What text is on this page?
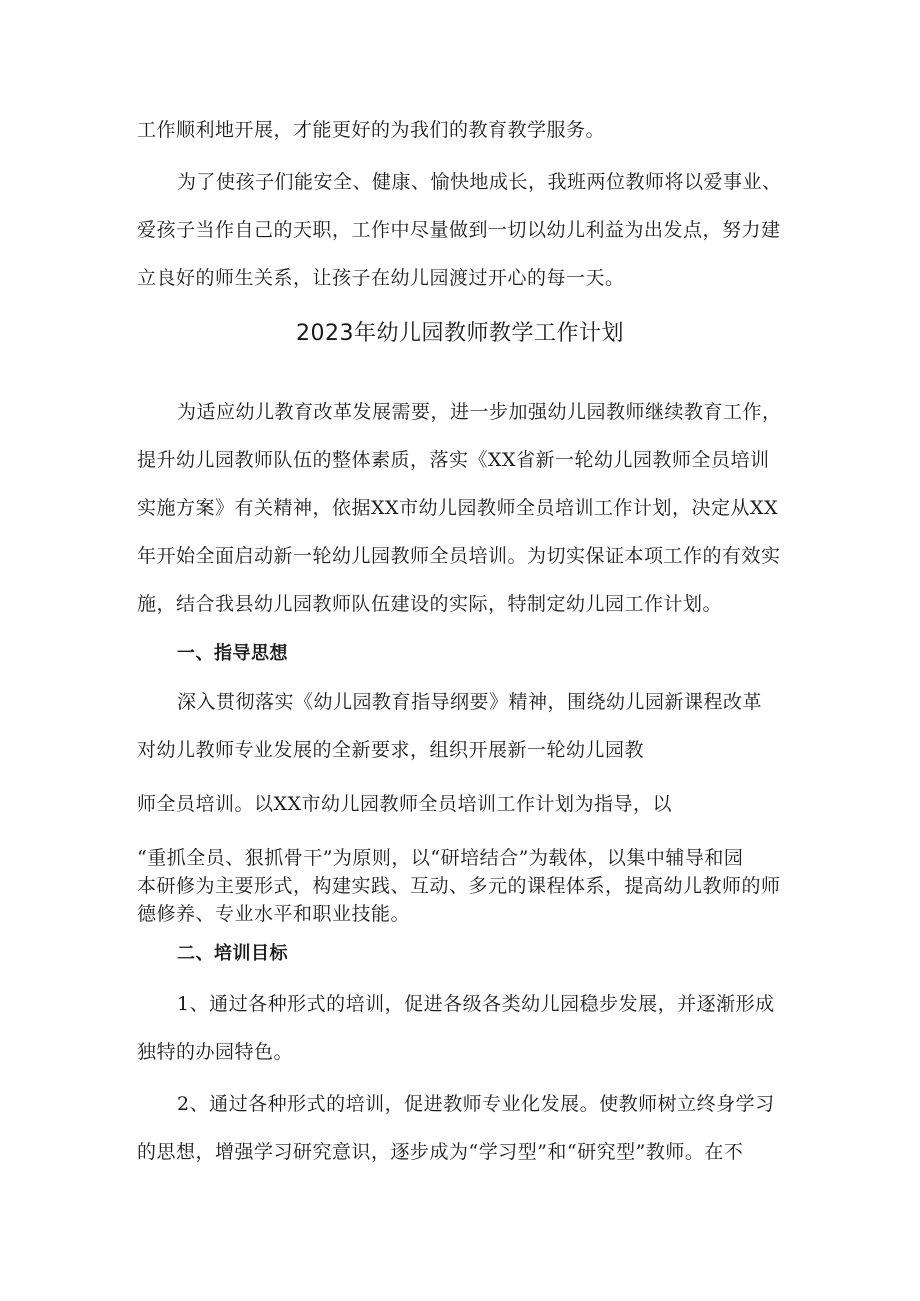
工作顺利地开展，才能更好的为我们的教育教学服务。
为了使孩子们能安全、健康、愉快地成长，我班两位教师将以爱事业、
爱孩子当作自己的天职，工作中尽量做到一切以幼儿利益为出发点，努力建
立良好的师生关系，让孩子在幼儿园渡过开心的每一天。
2023年幼儿园教师教学工作计划
为适应幼儿教育改革发展需要，进一步加强幼儿园教师继续教育工作，
提升幼儿园教师队伍的整体素质，落实《XX省新一轮幼儿园教师全员培训
实施方案》有关精神，依据XX市幼儿园教师全员培训工作计划，决定从XX
年开始全面启动新一轮幼儿园教师全员培训。为切实保证本项工作的有效实
施，结合我县幼儿园教师队伍建设的实际，特制定幼儿园工作计划。
一、指导思想
深入贯彻落实《幼儿园教育指导纲要》精神，围绕幼儿园新课程改革
对幼儿教师专业发展的全新要求，组织开展新一轮幼儿园教
师全员培训。以XX市幼儿园教师全员培训工作计划为指导，以
“重抓全员、狠抓骨干”为原则，以“研培结合”为载体，以集中辅导和园
本研修为主要形式，构建实践、互动、多元的课程体系，提高幼儿教师的师
德修养、专业水平和职业技能。
二、培训目标
1、通过各种形式的培训，促进各级各类幼儿园稳步发展，并逐渐形成
独特的办园特色。
2、通过各种形式的培训，促进教师专业化发展。使教师树立终身学习
的思想，增强学习研究意识，逐步成为“学习型”和“研究型”教师。在不
